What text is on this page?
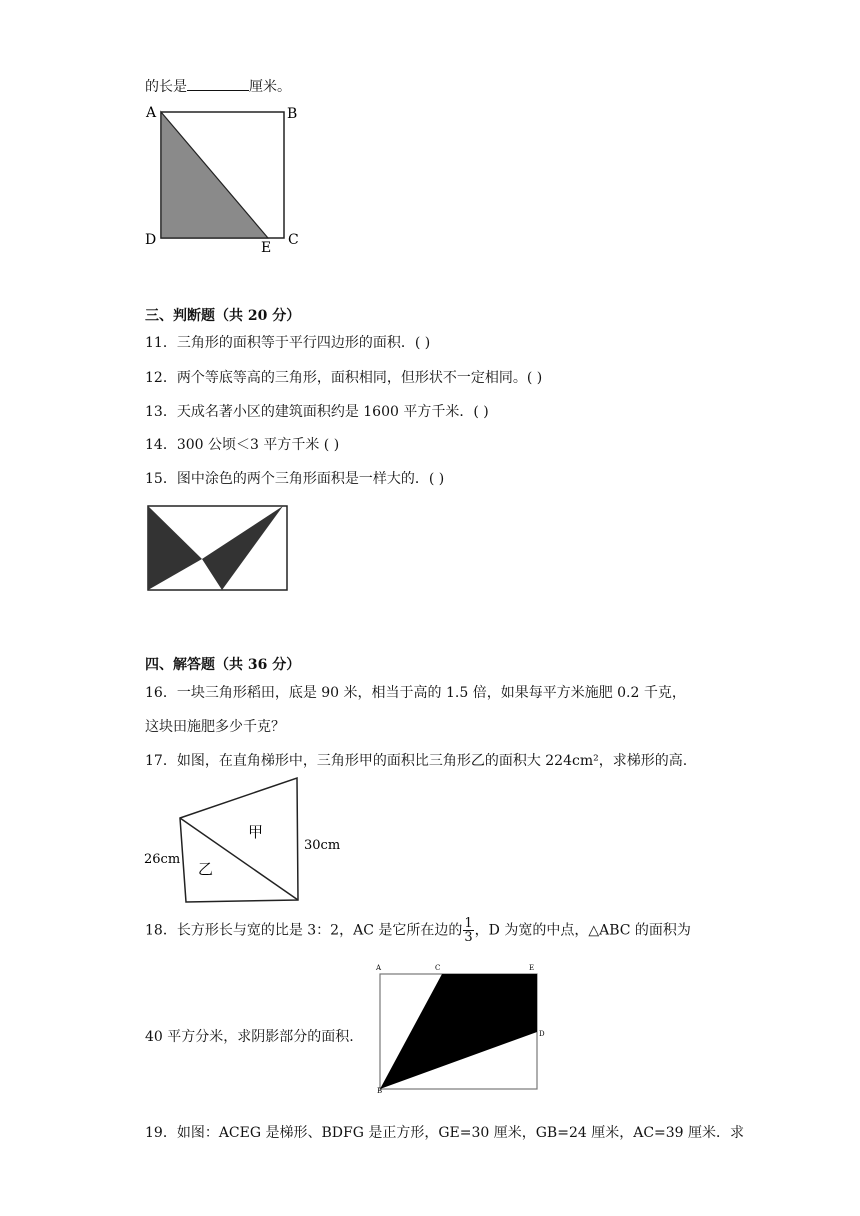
的长是	厘米。
A	B
C
D	E
三、判断题（共 20 分）
11．三角形的面积等于平行四边形的面积．( )
12．两个等底等高的三角形，面积相同，但形状不一定相同。( )
13．天成名著小区的建筑面积约是 1600 平方千米．( )
14．300 公顷＜3 平方千米 ( )
15．图中涂色的两个三角形面积是一样大的．( )
四、解答题（共 36 分）
16．一块三角形稻田，底是 90 米，相当于高的 1.5 倍，如果每平方米施肥 0.2 千克，
这块田施肥多少千克？
17．如图，在直角梯形中，三角形甲的面积比三角形乙的面积大 224cm²，求梯形的高.
甲
乙
26cm
30cm
18．长方形长与宽的比是 3：2，AC 是它所在边的 $\frac{1}{3}$ ，D 为宽的中点，△ABC 的面积为
40 平方分米，求阴影部分的面积.
A	C	E
D
B
19．如图：ACEG 是梯形、BDFG 是正方形，GE=30 厘米，GB=24 厘米，AC=39 厘米．求
